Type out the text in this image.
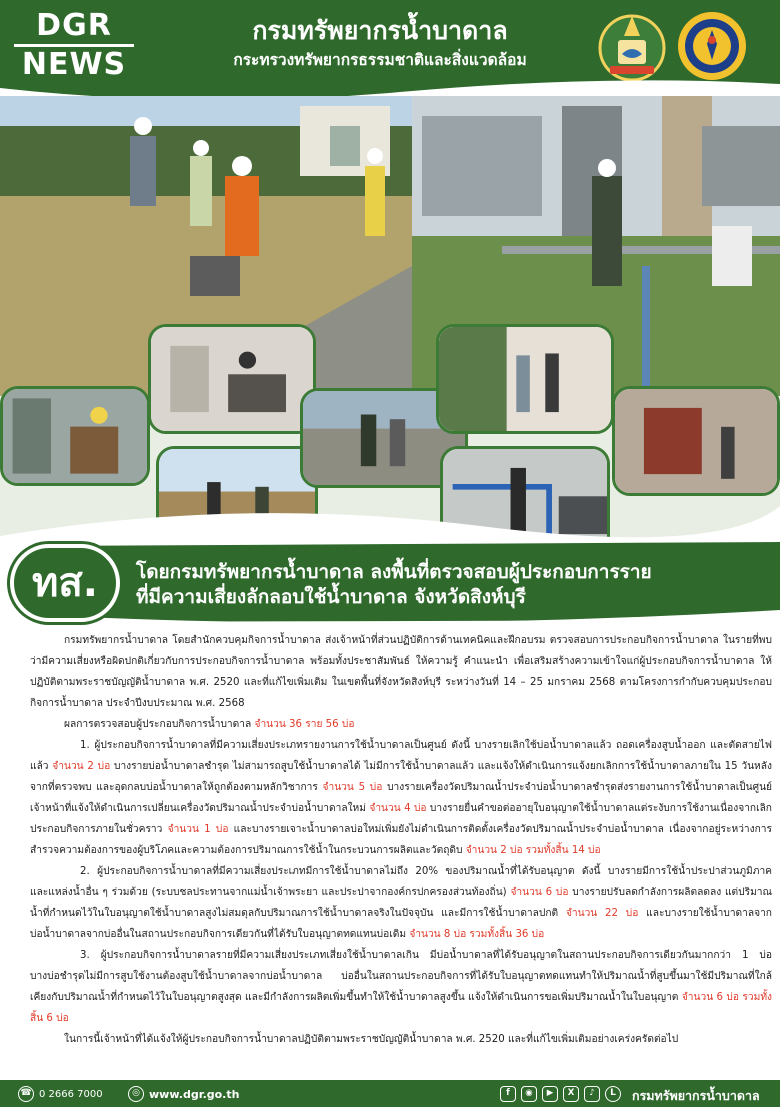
DGR
NEWS
กรมทรัพยากรน้ำบาดาล
กระทรวงทรัพยากรธรรมชาติและสิ่งแวดล้อม
ทส.	โดยกรมทรัพยากรน้ำบาดาล ลงพื้นที่ตรวจสอบผู้ประกอบการราย
ที่มีความเสี่ยงลักลอบใช้น้ำบาดาล จังหวัดสิงห์บุรี

กรมทรัพยากรน้ำบาดาล โดยสำนักควบคุมกิจการน้ำบาดาล ส่งเจ้าหน้าที่ส่วนปฏิบัติการด้านเทคนิคและฝึกอบรม ตรวจสอบการประกอบกิจการน้ำบาดาล ในรายที่พบว่ามีความเสี่ยงหรือผิดปกติเกี่ยวกับการประกอบกิจการน้ำบาดาล พร้อมทั้งประชาสัมพันธ์ ให้ความรู้ คำแนะนำ เพื่อเสริมสร้างความเข้าใจแก่ผู้ประกอบกิจการน้ำบาดาล ให้ปฏิบัติตามพระราชบัญญัติน้ำบาดาล พ.ศ. 2520 และที่แก้ไขเพิ่มเติม ในเขตพื้นที่จังหวัดสิงห์บุรี ระหว่างวันที่ 14 – 25 มกราคม 2568 ตามโครงการกำกับควบคุมประกอบกิจการน้ำบาดาล ประจำปีงบประมาณ พ.ศ. 2568

ผลการตรวจสอบผู้ประกอบกิจการน้ำบาดาล จำนวน 36 ราย 56 บ่อ

1. ผู้ประกอบกิจการน้ำบาดาลที่มีความเสี่ยงประเภทรายงานการใช้น้ำบาดาลเป็นศูนย์ ดังนี้ บางรายเลิกใช้บ่อน้ำบาดาลแล้ว ถอดเครื่องสูบน้ำออก และตัดสายไฟแล้ว จำนวน 2 บ่อ บางรายบ่อน้ำบาดาลชำรุด ไม่สามารถสูบใช้น้ำบาดาลได้ ไม่มีการใช้น้ำบาดาลแล้ว และแจ้งให้ดำเนินการแจ้งยกเลิกการใช้น้ำบาดาลภายใน 15 วันหลังจากที่ตรวจพบ และอุดกลบบ่อน้ำบาดาลให้ถูกต้องตามหลักวิชาการ จำนวน 5 บ่อ บางรายเครื่องวัดปริมาณน้ำประจำบ่อน้ำบาดาลชำรุดส่งรายงานการใช้น้ำบาดาลเป็นศูนย์ เจ้าหน้าที่แจ้งให้ดำเนินการเปลี่ยนเครื่องวัดปริมาณน้ำประจำบ่อน้ำบาดาลใหม่ จำนวน 4 บ่อ บางรายยื่นคำขอต่ออายุใบอนุญาตใช้น้ำบาดาลแต่ระงับการใช้งานเนื่องจากเลิกประกอบกิจการภายในชั่วคราว จำนวน 1 บ่อ และบางรายเจาะน้ำบาดาลบ่อใหม่เพิ่มยังไม่ดำเนินการติดตั้งเครื่องวัดปริมาณน้ำประจำบ่อน้ำบาดาล เนื่องจากอยู่ระหว่างการสำรวจความต้องการของผู้บริโภคและความต้องการปริมาณการใช้น้ำในกระบวนการผลิตและวัตถุดิบ จำนวน 2 บ่อ รวมทั้งสิ้น 14 บ่อ

2. ผู้ประกอบกิจการน้ำบาดาลที่มีความเสี่ยงประเภทมีการใช้น้ำบาดาลไม่ถึง 20% ของปริมาณน้ำที่ได้รับอนุญาต ดังนี้ บางรายมีการใช้น้ำประปาส่วนภูมิภาค และแหล่งน้ำอื่น ๆ ร่วมด้วย (ระบบชลประทานจากแม่น้ำเจ้าพระยา และประปาจากองค์กรปกครองส่วนท้องถิ่น) จำนวน 6 บ่อ บางรายปรับลดกำลังการผลิตลดลง แต่ปริมาณน้ำที่กำหนดไว้ในใบอนุญาตใช้น้ำบาดาลสูงไม่สมดุลกับปริมาณการใช้น้ำบาดาลจริงในปัจจุบัน และมีการใช้น้ำบาดาลปกติ จำนวน 22 บ่อ และบางรายใช้น้ำบาดาลจากบ่อน้ำบาดาลจากบ่ออื่นในสถานประกอบกิจการเดียวกันที่ได้รับใบอนุญาตทดแทนบ่อเดิม จำนวน 8 บ่อ รวมทั้งสิ้น 36 บ่อ

3. ผู้ประกอบกิจการน้ำบาดาลรายที่มีความเสี่ยงประเภทเสี่ยงใช้น้ำบาดาลเกิน มีบ่อน้ำบาดาลที่ได้รับอนุญาตในสถานประกอบกิจการเดียวกันมากกว่า 1 บ่อ บางบ่อชำรุดไม่มีการสูบใช้งานต้องสูบใช้น้ำบาดาลจากบ่อน้ำบาดาล บ่ออื่นในสถานประกอบกิจการที่ได้รับใบอนุญาตทดแทนทำให้ปริมาณน้ำที่สูบขึ้นมาใช้มีปริมาณที่ใกล้เคียงกับปริมาณน้ำที่กำหนดไว้ในใบอนุญาตสูงสุด และมีกำลังการผลิตเพิ่มขึ้นทำให้ใช้น้ำบาดาลสูงขึ้น แจ้งให้ดำเนินการขอเพิ่มปริมาณน้ำในใบอนุญาต จำนวน 6 บ่อ รวมทั้งสิ้น 6 บ่อ

ในการนี้เจ้าหน้าที่ได้แจ้งให้ผู้ประกอบกิจการน้ำบาดาลปฏิบัติตามพระราชบัญญัติน้ำบาดาล พ.ศ. 2520 และที่แก้ไขเพิ่มเติมอย่างเคร่งครัดต่อไป

☎ 0 2666 7000	◎ www.dgr.go.th	f	◉	▶	X	♪	L	กรมทรัพยากรน้ำบาดาล
